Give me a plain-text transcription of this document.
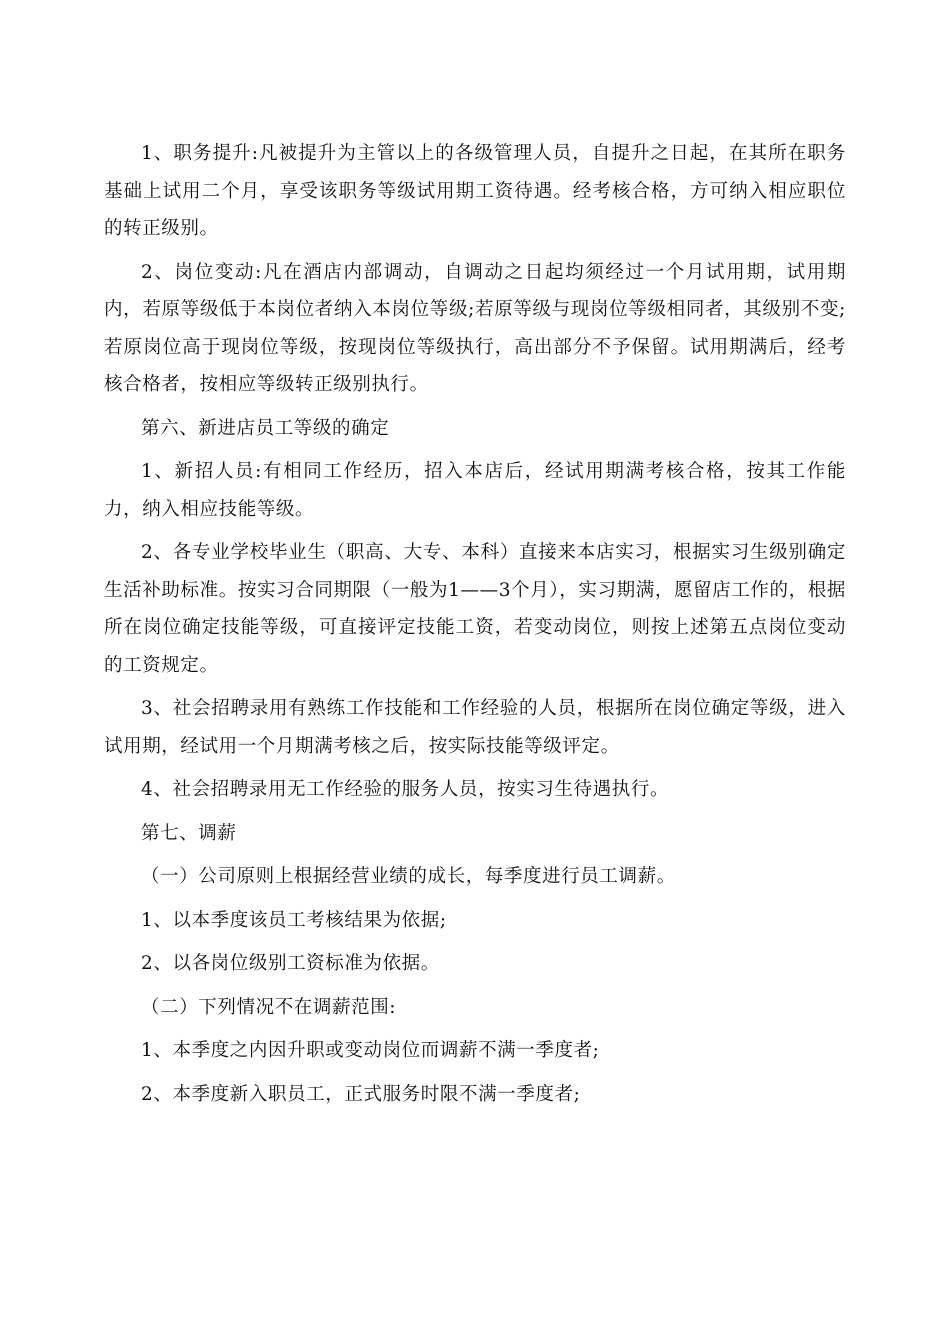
1、职务提升:凡被提升为主管以上的各级管理人员，自提升之日起，在其所在职务基础上试用二个月，享受该职务等级试用期工资待遇。经考核合格，方可纳入相应职位的转正级别。

2、岗位变动:凡在酒店内部调动，自调动之日起均须经过一个月试用期，试用期内，若原等级低于本岗位者纳入本岗位等级;若原等级与现岗位等级相同者，其级别不变;若原岗位高于现岗位等级，按现岗位等级执行，高出部分不予保留。试用期满后，经考核合格者，按相应等级转正级别执行。

第六、新进店员工等级的确定

1、新招人员:有相同工作经历，招入本店后，经试用期满考核合格，按其工作能力，纳入相应技能等级。

2、各专业学校毕业生（职高、大专、本科）直接来本店实习，根据实习生级别确定生活补助标准。按实习合同期限（一般为1——3个月），实习期满，愿留店工作的，根据所在岗位确定技能等级，可直接评定技能工资，若变动岗位，则按上述第五点岗位变动的工资规定。

3、社会招聘录用有熟练工作技能和工作经验的人员，根据所在岗位确定等级，进入试用期，经试用一个月期满考核之后，按实际技能等级评定。

4、社会招聘录用无工作经验的服务人员，按实习生待遇执行。

第七、调薪

（一）公司原则上根据经营业绩的成长，每季度进行员工调薪。

1、以本季度该员工考核结果为依据;

2、以各岗位级别工资标准为依据。

（二）下列情况不在调薪范围:

1、本季度之内因升职或变动岗位而调薪不满一季度者;

2、本季度新入职员工，正式服务时限不满一季度者;
